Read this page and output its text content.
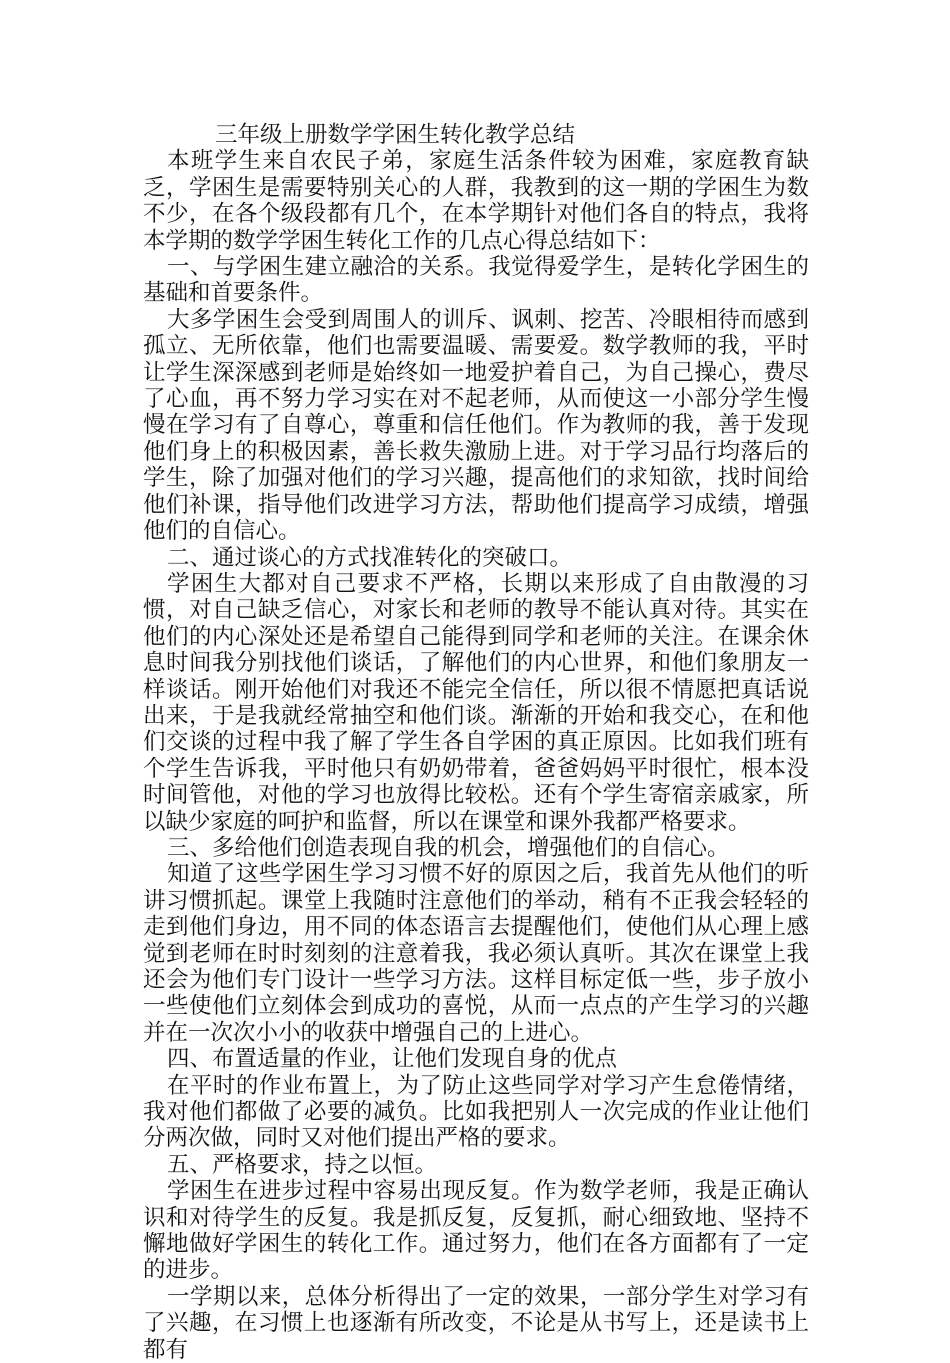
三年级上册数学学困生转化教学总结

本班学生来自农民子弟，家庭生活条件较为困难，家庭教育缺乏，学困生是需要特别关心的人群，我教到的这一期的学困生为数不少，在各个级段都有几个，在本学期针对他们各自的特点，我将本学期的数学学困生转化工作的几点心得总结如下：

一、与学困生建立融洽的关系。我觉得爱学生，是转化学困生的基础和首要条件。

大多学困生会受到周围人的训斥、讽刺、挖苦、冷眼相待而感到孤立、无所依靠，他们也需要温暖、需要爱。数学教师的我，平时让学生深深感到老师是始终如一地爱护着自己，为自己操心，费尽了心血，再不努力学习实在对不起老师，从而使这一小部分学生慢慢在学习有了自尊心，尊重和信任他们。作为教师的我，善于发现他们身上的积极因素，善长救失激励上进。对于学习品行均落后的学生，除了加强对他们的学习兴趣，提高他们的求知欲，找时间给他们补课，指导他们改进学习方法，帮助他们提高学习成绩，增强他们的自信心。

二、通过谈心的方式找准转化的突破口。

学困生大都对自己要求不严格，长期以来形成了自由散漫的习惯，对自己缺乏信心，对家长和老师的教导不能认真对待。其实在他们的内心深处还是希望自己能得到同学和老师的关注。在课余休息时间我分别找他们谈话，了解他们的内心世界，和他们象朋友一样谈话。刚开始他们对我还不能完全信任，所以很不情愿把真话说出来，于是我就经常抽空和他们谈。渐渐的开始和我交心，在和他们交谈的过程中我了解了学生各自学困的真正原因。比如我们班有个学生告诉我，平时他只有奶奶带着，爸爸妈妈平时很忙，根本没时间管他，对他的学习也放得比较松。还有个学生寄宿亲戚家，所以缺少家庭的呵护和监督，所以在课堂和课外我都严格要求。

三、多给他们创造表现自我的机会，增强他们的自信心。

知道了这些学困生学习习惯不好的原因之后，我首先从他们的听讲习惯抓起。课堂上我随时注意他们的举动，稍有不正我会轻轻的走到他们身边，用不同的体态语言去提醒他们，使他们从心理上感觉到老师在时时刻刻的注意着我，我必须认真听。其次在课堂上我还会为他们专门设计一些学习方法。这样目标定低一些，步子放小一些使他们立刻体会到成功的喜悦，从而一点点的产生学习的兴趣并在一次次小小的收获中增强自己的上进心。

四、布置适量的作业，让他们发现自身的优点

在平时的作业布置上，为了防止这些同学对学习产生怠倦情绪，我对他们都做了必要的减负。比如我把别人一次完成的作业让他们分两次做，同时又对他们提出严格的要求。

五、严格要求，持之以恒。

学困生在进步过程中容易出现反复。作为数学老师，我是正确认识和对待学生的反复。我是抓反复，反复抓，耐心细致地、坚持不懈地做好学困生的转化工作。通过努力，他们在各方面都有了一定的进步。

一学期以来，总体分析得出了一定的效果，一部分学生对学习有了兴趣，在习惯上也逐渐有所改变，不论是从书写上，还是读书上都有
